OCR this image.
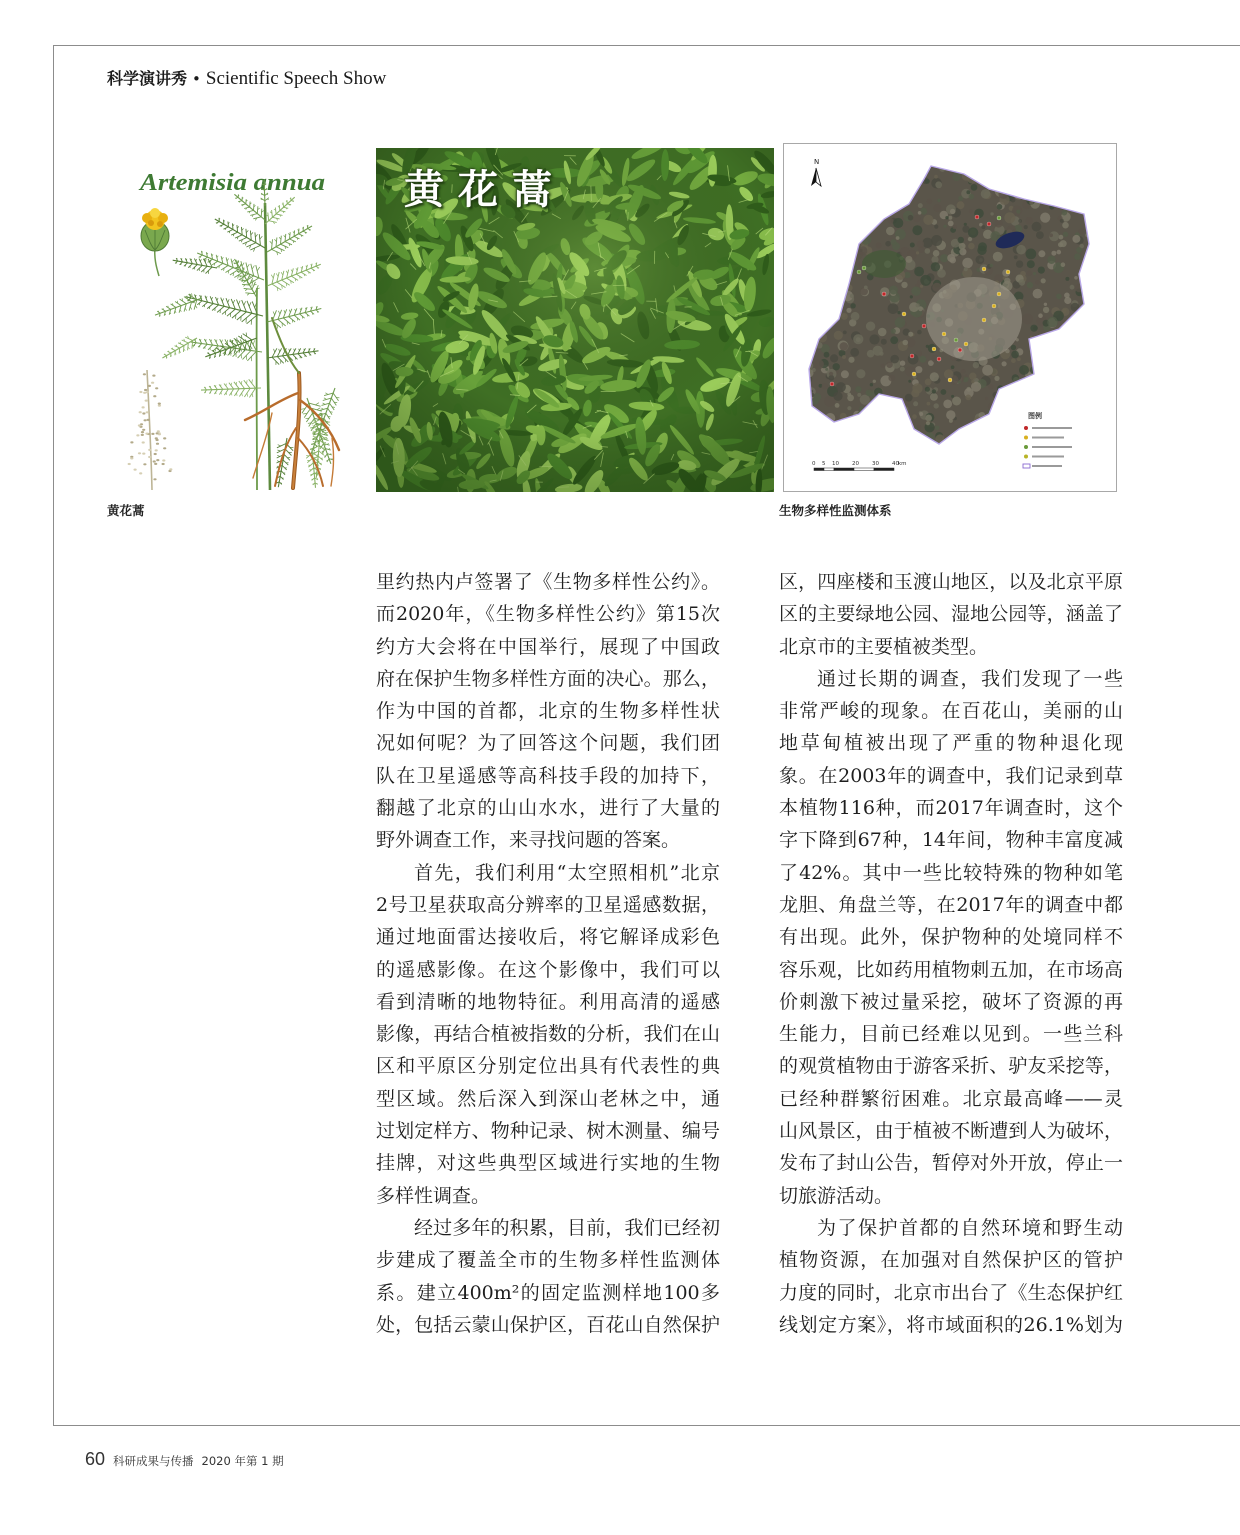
科学演讲秀 • Scientific Speech Show
Artemisia annua 黄花蒿
N
0 5 10 20 30 40 km
图例
黄花蒿	生物多样性监测体系
里约热内卢签署了《生物多样性公约》。
而2020年，《生物多样性公约》第15次
约方大会将在中国举行，展现了中国政
府在保护生物多样性方面的决心。那么，
作为中国的首都，北京的生物多样性状
况如何呢？为了回答这个问题，我们团
队在卫星遥感等高科技手段的加持下，
翻越了北京的山山水水，进行了大量的
野外调查工作，来寻找问题的答案。
首先，我们利用“太空照相机”北京
2号卫星获取高分辨率的卫星遥感数据，
通过地面雷达接收后，将它解译成彩色
的遥感影像。在这个影像中，我们可以
看到清晰的地物特征。利用高清的遥感
影像，再结合植被指数的分析，我们在山
区和平原区分别定位出具有代表性的典
型区域。然后深入到深山老林之中，通
过划定样方、物种记录、树木测量、编号
挂牌，对这些典型区域进行实地的生物
多样性调查。
经过多年的积累，目前，我们已经初
步建成了覆盖全市的生物多样性监测体
系。建立400m²的固定监测样地100多
处，包括云蒙山保护区，百花山自然保护
区，四座楼和玉渡山地区，以及北京平原
区的主要绿地公园、湿地公园等，涵盖了
北京市的主要植被类型。
通过长期的调查，我们发现了一些
非常严峻的现象。在百花山，美丽的山
地草甸植被出现了严重的物种退化现
象。在2003年的调查中，我们记录到草
本植物116种，而2017年调查时，这个
字下降到67种，14年间，物种丰富度减
了42%。其中一些比较特殊的物种如笔
龙胆、角盘兰等，在2017年的调查中都
有出现。此外，保护物种的处境同样不
容乐观，比如药用植物刺五加，在市场高
价刺激下被过量采挖，破坏了资源的再
生能力，目前已经难以见到。一些兰科
的观赏植物由于游客采折、驴友采挖等，
已经种群繁衍困难。北京最高峰——灵
山风景区，由于植被不断遭到人为破坏，
发布了封山公告，暂停对外开放，停止一
切旅游活动。
为了保护首都的自然环境和野生动
植物资源，在加强对自然保护区的管护
力度的同时，北京市出台了《生态保护红
线划定方案》，将市域面积的26.1%划为
60 科研成果与传播 2020 年第 1 期
